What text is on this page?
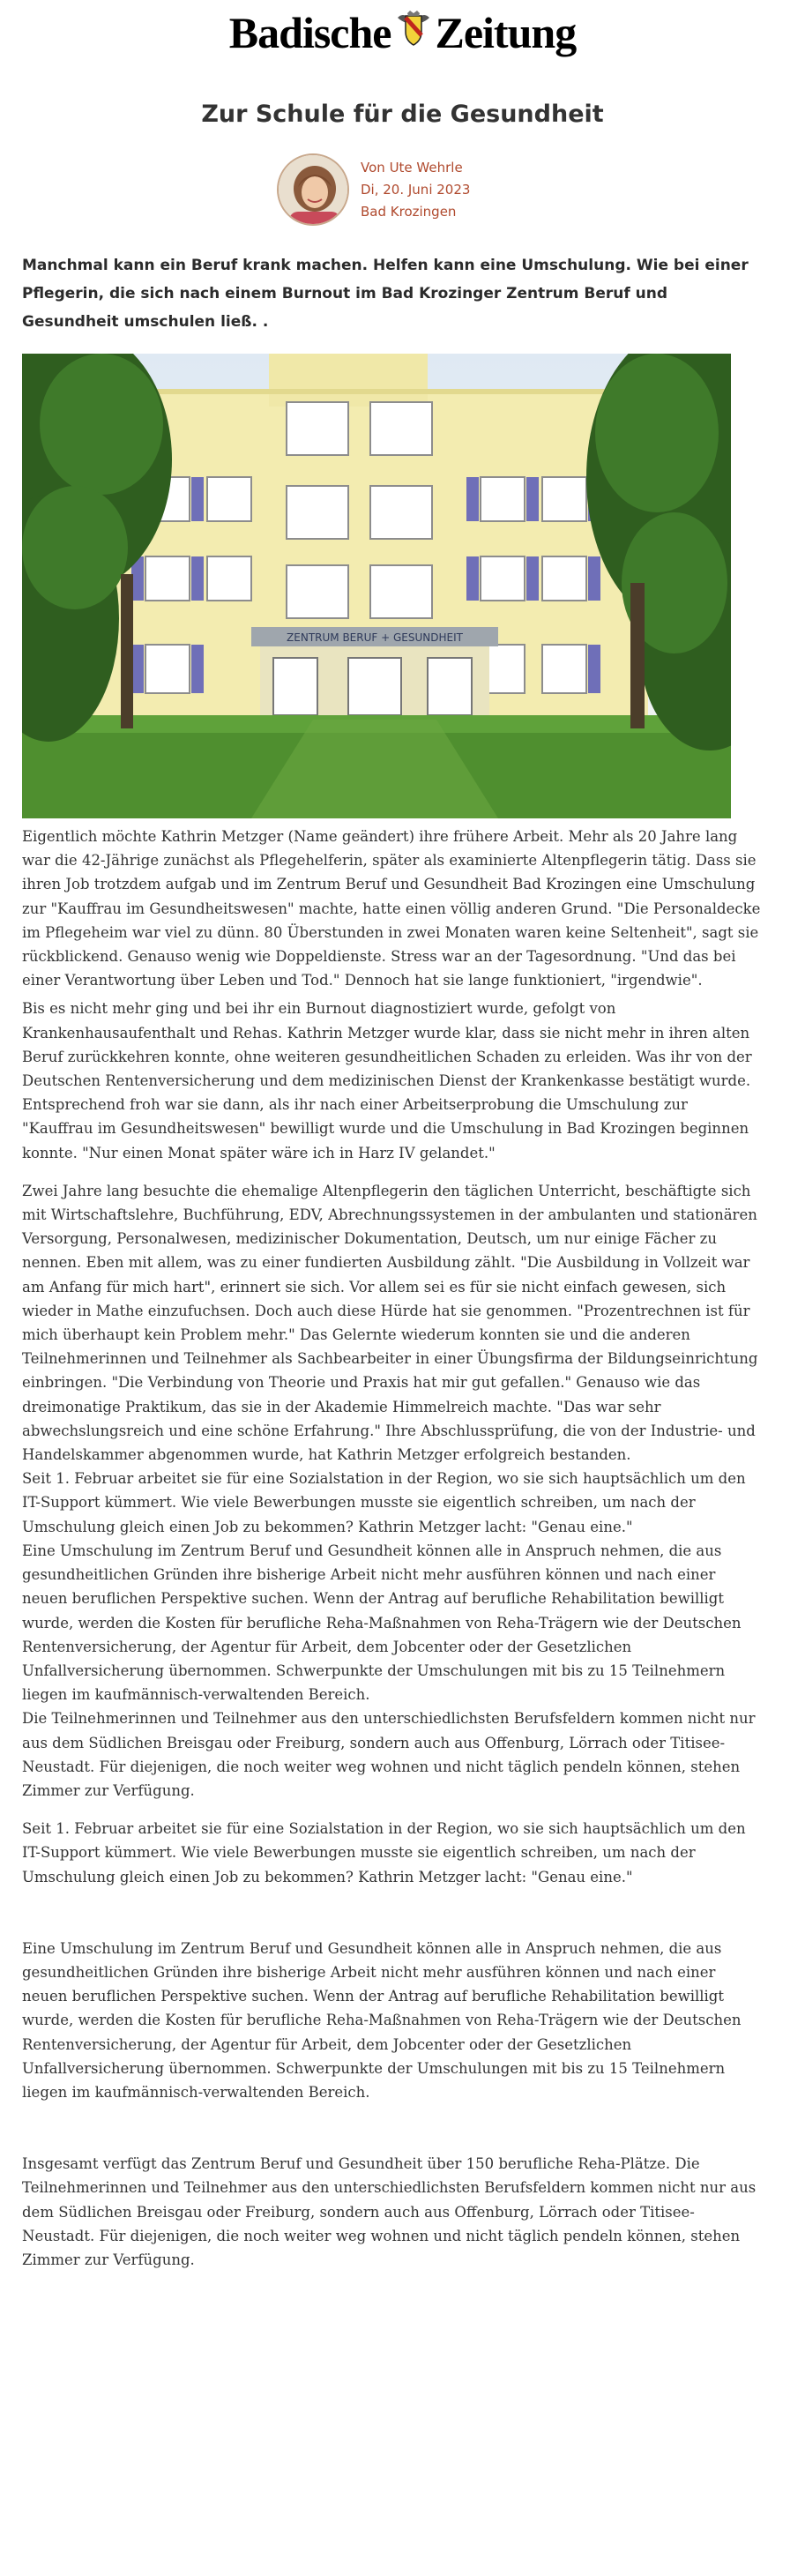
Badische Zeitung
Zur Schule für die Gesundheit
Von Ute Wehrle
Di, 20. Juni 2023
Bad Krozingen

Manchmal kann ein Beruf krank machen. Helfen kann eine Umschulung. Wie bei einer Pflegerin, die sich nach einem Burnout im Bad Krozinger Zentrum Beruf und Gesundheit umschulen ließ. .

ZENTRUM BERUF + GESUNDHEIT

Eigentlich möchte Kathrin Metzger (Name geändert) ihre frühere Arbeit. Mehr als 20 Jahre lang war die 42-Jährige zunächst als Pflegehelferin, später als examinierte Altenpflegerin tätig. Dass sie ihren Job trotzdem aufgab und im Zentrum Beruf und Gesundheit Bad Krozingen eine Umschulung zur "Kauffrau im Gesundheitswesen" machte, hatte einen völlig anderen Grund. "Die Personaldecke im Pflegeheim war viel zu dünn. 80 Überstunden in zwei Monaten waren keine Seltenheit", sagt sie rückblickend. Genauso wenig wie Doppeldienste. Stress war an der Tagesordnung. "Und das bei einer Verantwortung über Leben und Tod." Dennoch hat sie lange funktioniert, "irgendwie".

Bis es nicht mehr ging und bei ihr ein Burnout diagnostiziert wurde, gefolgt von Krankenhausaufenthalt und Rehas. Kathrin Metzger wurde klar, dass sie nicht mehr in ihren alten Beruf zurückkehren konnte, ohne weiteren gesundheitlichen Schaden zu erleiden. Was ihr von der Deutschen Rentenversicherung und dem medizinischen Dienst der Krankenkasse bestätigt wurde. Entsprechend froh war sie dann, als ihr nach einer Arbeitserprobung die Umschulung zur "Kauffrau im Gesundheitswesen" bewilligt wurde und die Umschulung in Bad Krozingen beginnen konnte. "Nur einen Monat später wäre ich in Harz IV gelandet."

Zwei Jahre lang besuchte die ehemalige Altenpflegerin den täglichen Unterricht, beschäftigte sich mit Wirtschaftslehre, Buchführung, EDV, Abrechnungssystemen in der ambulanten und stationären Versorgung, Personalwesen, medizinischer Dokumentation, Deutsch, um nur einige Fächer zu nennen. Eben mit allem, was zu einer fundierten Ausbildung zählt. "Die Ausbildung in Vollzeit war am Anfang für mich hart", erinnert sie sich. Vor allem sei es für sie nicht einfach gewesen, sich wieder in Mathe einzufuchsen. Doch auch diese Hürde hat sie genommen. "Prozentrechnen ist für mich überhaupt kein Problem mehr." Das Gelernte wiederum konnten sie und die anderen Teilnehmerinnen und Teilnehmer als Sachbearbeiter in einer Übungsfirma der Bildungseinrichtung einbringen. "Die Verbindung von Theorie und Praxis hat mir gut gefallen." Genauso wie das dreimonatige Praktikum, das sie in der Akademie Himmelreich machte. "Das war sehr abwechslungsreich und eine schöne Erfahrung." Ihre Abschlussprüfung, die von der Industrie- und Handelskammer abgenommen wurde, hat Kathrin Metzger erfolgreich bestanden.

Seit 1. Februar arbeitet sie für eine Sozialstation in der Region, wo sie sich hauptsächlich um den IT-Support kümmert. Wie viele Bewerbungen musste sie eigentlich schreiben, um nach der Umschulung gleich einen Job zu bekommen? Kathrin Metzger lacht: "Genau eine."

Eine Umschulung im Zentrum Beruf und Gesundheit können alle in Anspruch nehmen, die aus gesundheitlichen Gründen ihre bisherige Arbeit nicht mehr ausführen können und nach einer neuen beruflichen Perspektive suchen. Wenn der Antrag auf berufliche Rehabilitation bewilligt wurde, werden die Kosten für berufliche Reha-Maßnahmen von Reha-Trägern wie der Deutschen Rentenversicherung, der Agentur für Arbeit, dem Jobcenter oder der Gesetzlichen Unfallversicherung übernommen. Schwerpunkte der Umschulungen mit bis zu 15 Teilnehmern liegen im kaufmännisch-verwaltenden Bereich.

Die Teilnehmerinnen und Teilnehmer aus den unterschiedlichsten Berufsfeldern kommen nicht nur aus dem Südlichen Breisgau oder Freiburg, sondern auch aus Offenburg, Lörrach oder Titisee-Neustadt. Für diejenigen, die noch weiter weg wohnen und nicht täglich pendeln können, stehen Zimmer zur Verfügung.

Seit 1. Februar arbeitet sie für eine Sozialstation in der Region, wo sie sich hauptsächlich um den IT-Support kümmert. Wie viele Bewerbungen musste sie eigentlich schreiben, um nach der Umschulung gleich einen Job zu bekommen? Kathrin Metzger lacht: "Genau eine."

Eine Umschulung im Zentrum Beruf und Gesundheit können alle in Anspruch nehmen, die aus gesundheitlichen Gründen ihre bisherige Arbeit nicht mehr ausführen können und nach einer neuen beruflichen Perspektive suchen. Wenn der Antrag auf berufliche Rehabilitation bewilligt wurde, werden die Kosten für berufliche Reha-Maßnahmen von Reha-Trägern wie der Deutschen Rentenversicherung, der Agentur für Arbeit, dem Jobcenter oder der Gesetzlichen Unfallversicherung übernommen. Schwerpunkte der Umschulungen mit bis zu 15 Teilnehmern liegen im kaufmännisch-verwaltenden Bereich.

Insgesamt verfügt das Zentrum Beruf und Gesundheit über 150 berufliche Reha-Plätze. Die Teilnehmerinnen und Teilnehmer aus den unterschiedlichsten Berufsfeldern kommen nicht nur aus dem Südlichen Breisgau oder Freiburg, sondern auch aus Offenburg, Lörrach oder Titisee-Neustadt. Für diejenigen, die noch weiter weg wohnen und nicht täglich pendeln können, stehen Zimmer zur Verfügung.
